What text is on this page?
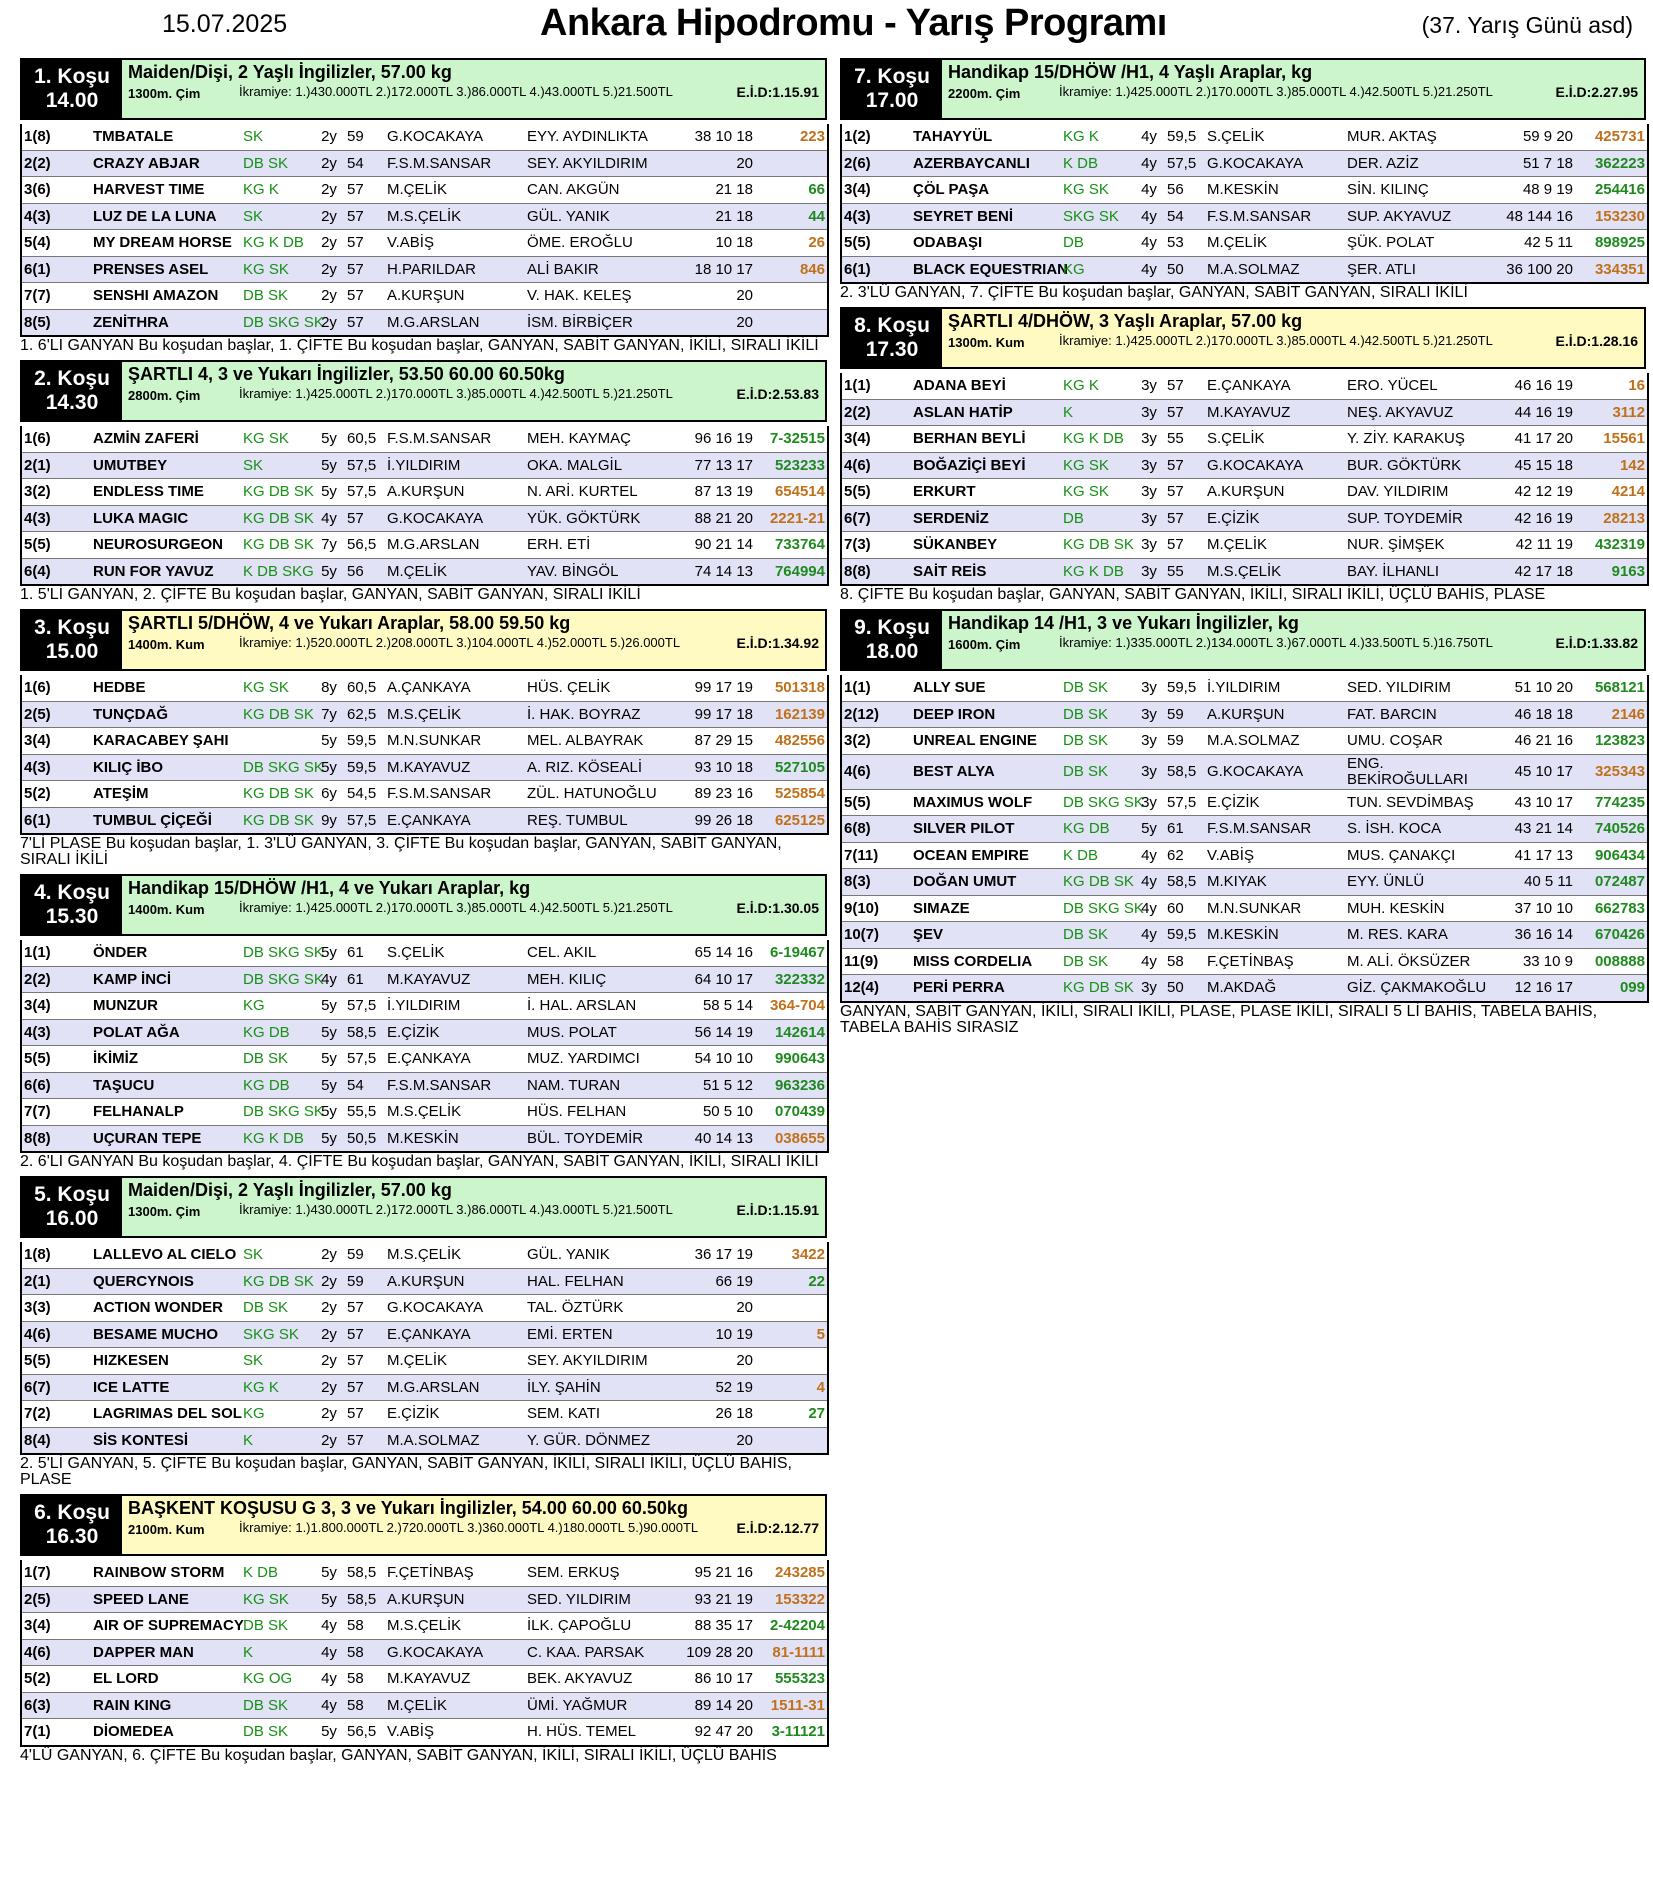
15.07.2025	Ankara Hipodromu - Yarış Programı	(37. Yarış Günü asd)
1. Koşu
14.00
Maiden/Dişi, 2 Yaşlı İngilizler, 57.00 kg
1300m. Çim	İkramiye: 1.)430.000TL 2.)172.000TL 3.)86.000TL 4.)43.000TL 5.)21.500TL	E.İ.D:1.15.91
1(8)	TMBATALE	SK	2y	59	G.KOCAKAYA	EYY. AYDINLIKTA	38 10 18	223
2(2)	CRAZY ABJAR	DB SK	2y	54	F.S.M.SANSAR	SEY. AKYILDIRIM	20	
3(6)	HARVEST TIME	KG K	2y	57	M.ÇELİK	CAN. AKGÜN	21 18	66
4(3)	LUZ DE LA LUNA	SK	2y	57	M.S.ÇELİK	GÜL. YANIK	21 18	44
5(4)	MY DREAM HORSE	KG K DB	2y	57	V.ABİŞ	ÖME. EROĞLU	10 18	26
6(1)	PRENSES ASEL	KG SK	2y	57	H.PARILDAR	ALİ BAKIR	18 10 17	846
7(7)	SENSHI AMAZON	DB SK	2y	57	A.KURŞUN	V. HAK. KELEŞ	20	
8(5)	ZENİTHRA	DB SKG SK	2y	57	M.G.ARSLAN	İSM. BİRBİÇER	20	
1. 6'LI GANYAN Bu koşudan başlar, 1. ÇİFTE Bu koşudan başlar, GANYAN, SABİT GANYAN, İKİLİ, SIRALI İKİLİ
2. Koşu
14.30
ŞARTLI 4, 3 ve Yukarı İngilizler, 53.50 60.00 60.50kg
2800m. Çim	İkramiye: 1.)425.000TL 2.)170.000TL 3.)85.000TL 4.)42.500TL 5.)21.250TL	E.İ.D:2.53.83
1(6)	AZMİN ZAFERİ	KG SK	5y	60,5	F.S.M.SANSAR	MEH. KAYMAÇ	96 16 19	7-32515
2(1)	UMUTBEY	SK	5y	57,5	İ.YILDIRIM	OKA. MALGİL	77 13 17	523233
3(2)	ENDLESS TIME	KG DB SK	5y	57,5	A.KURŞUN	N. ARİ. KURTEL	87 13 19	654514
4(3)	LUKA MAGIC	KG DB SK	4y	57	G.KOCAKAYA	YÜK. GÖKTÜRK	88 21 20	2221-21
5(5)	NEUROSURGEON	KG DB SK	7y	56,5	M.G.ARSLAN	ERH. ETİ	90 21 14	733764
6(4)	RUN FOR YAVUZ	K DB SKG	5y	56	M.ÇELİK	YAV. BİNGÖL	74 14 13	764994
1. 5'Lİ GANYAN, 2. ÇİFTE Bu koşudan başlar, GANYAN, SABİT GANYAN, SIRALI İKİLİ
3. Koşu
15.00
ŞARTLI 5/DHÖW, 4 ve Yukarı Araplar, 58.00 59.50 kg
1400m. Kum	İkramiye: 1.)520.000TL 2.)208.000TL 3.)104.000TL 4.)52.000TL 5.)26.000TL	E.İ.D:1.34.92
1(6)	HEDBE	KG SK	8y	60,5	A.ÇANKAYA	HÜS. ÇELİK	99 17 19	501318
2(5)	TUNÇDAĞ	KG DB SK	7y	62,5	M.S.ÇELİK	İ. HAK. BOYRAZ	99 17 18	162139
3(4)	KARACABEY ŞAHI		5y	59,5	M.N.SUNKAR	MEL. ALBAYRAK	87 29 15	482556
4(3)	KILIÇ İBO	DB SKG SK	5y	59,5	M.KAYAVUZ	A. RIZ. KÖSEALİ	93 10 18	527105
5(2)	ATEŞİM	KG DB SK	6y	54,5	F.S.M.SANSAR	ZÜL. HATUNOĞLU	89 23 16	525854
6(1)	TUMBUL ÇİÇEĞİ	KG DB SK	9y	57,5	E.ÇANKAYA	REŞ. TUMBUL	99 26 18	625125
7'Lİ PLASE Bu koşudan başlar, 1. 3'LÜ GANYAN, 3. ÇİFTE Bu koşudan başlar, GANYAN, SABİT GANYAN, SIRALI İKİLİ
4. Koşu
15.30
Handikap 15/DHÖW /H1, 4 ve Yukarı Araplar, kg
1400m. Kum	İkramiye: 1.)425.000TL 2.)170.000TL 3.)85.000TL 4.)42.500TL 5.)21.250TL	E.İ.D:1.30.05
1(1)	ÖNDER	DB SKG SK	5y	61	S.ÇELİK	CEL. AKIL	65 14 16	6-19467
2(2)	KAMP İNCİ	DB SKG SK	4y	61	M.KAYAVUZ	MEH. KILIÇ	64 10 17	322332
3(4)	MUNZUR	KG	5y	57,5	İ.YILDIRIM	İ. HAL. ARSLAN	58 5 14	364-704
4(3)	POLAT AĞA	KG DB	5y	58,5	E.ÇİZİK	MUS. POLAT	56 14 19	142614
5(5)	İKİMİZ	DB SK	5y	57,5	E.ÇANKAYA	MUZ. YARDIMCI	54 10 10	990643
6(6)	TAŞUCU	KG DB	5y	54	F.S.M.SANSAR	NAM. TURAN	51 5 12	963236
7(7)	FELHANALP	DB SKG SK	5y	55,5	M.S.ÇELİK	HÜS. FELHAN	50 5 10	070439
8(8)	UÇURAN TEPE	KG K DB	5y	50,5	M.KESKİN	BÜL. TOYDEMİR	40 14 13	038655
2. 6'LI GANYAN Bu koşudan başlar, 4. ÇİFTE Bu koşudan başlar, GANYAN, SABİT GANYAN, İKİLİ, SIRALI İKİLİ
5. Koşu
16.00
Maiden/Dişi, 2 Yaşlı İngilizler, 57.00 kg
1300m. Çim	İkramiye: 1.)430.000TL 2.)172.000TL 3.)86.000TL 4.)43.000TL 5.)21.500TL	E.İ.D:1.15.91
1(8)	LALLEVO AL CIELO	SK	2y	59	M.S.ÇELİK	GÜL. YANIK	36 17 19	3422
2(1)	QUERCYNOIS	KG DB SK	2y	59	A.KURŞUN	HAL. FELHAN	66 19	22
3(3)	ACTION WONDER	DB SK	2y	57	G.KOCAKAYA	TAL. ÖZTÜRK	20	
4(6)	BESAME MUCHO	SKG SK	2y	57	E.ÇANKAYA	EMİ. ERTEN	10 19	5
5(5)	HIZKESEN	SK	2y	57	M.ÇELİK	SEY. AKYILDIRIM	20	
6(7)	ICE LATTE	KG K	2y	57	M.G.ARSLAN	İLY. ŞAHİN	52 19	4
7(2)	LAGRIMAS DEL SOL	KG	2y	57	E.ÇİZİK	SEM. KATI	26 18	27
8(4)	SİS KONTESİ	K	2y	57	M.A.SOLMAZ	Y. GÜR. DÖNMEZ	20	
2. 5'Lİ GANYAN, 5. ÇİFTE Bu koşudan başlar, GANYAN, SABİT GANYAN, İKİLİ, SIRALI İKİLİ, ÜÇLÜ BAHİS, PLASE
6. Koşu
16.30
BAŞKENT KOŞUSU G 3, 3 ve Yukarı İngilizler, 54.00 60.00 60.50kg
2100m. Kum	İkramiye: 1.)1.800.000TL 2.)720.000TL 3.)360.000TL 4.)180.000TL 5.)90.000TL	E.İ.D:2.12.77
1(7)	RAINBOW STORM	K DB	5y	58,5	F.ÇETİNBAŞ	SEM. ERKUŞ	95 21 16	243285
2(5)	SPEED LANE	KG SK	5y	58,5	A.KURŞUN	SED. YILDIRIM	93 21 19	153322
3(4)	AIR OF SUPREMACY	DB SK	4y	58	M.S.ÇELİK	İLK. ÇAPOĞLU	88 35 17	2-42204
4(6)	DAPPER MAN	K	4y	58	G.KOCAKAYA	C. KAA. PARSAK	109 28 20	81-1111
5(2)	EL LORD	KG OG	4y	58	M.KAYAVUZ	BEK. AKYAVUZ	86 10 17	555323
6(3)	RAIN KING	DB SK	4y	58	M.ÇELİK	ÜMİ. YAĞMUR	89 14 20	1511-31
7(1)	DİOMEDEA	DB SK	5y	56,5	V.ABİŞ	H. HÜS. TEMEL	92 47 20	3-11121
4'LÜ GANYAN, 6. ÇİFTE Bu koşudan başlar, GANYAN, SABİT GANYAN, İKİLİ, SIRALI İKİLİ, ÜÇLÜ BAHİS
7. Koşu
17.00
Handikap 15/DHÖW /H1, 4 Yaşlı Araplar, kg
2200m. Çim	İkramiye: 1.)425.000TL 2.)170.000TL 3.)85.000TL 4.)42.500TL 5.)21.250TL	E.İ.D:2.27.95
1(2)	TAHAYYÜL	KG K	4y	59,5	S.ÇELİK	MUR. AKTAŞ	59 9 20	425731
2(6)	AZERBAYCANLI	K DB	4y	57,5	G.KOCAKAYA	DER. AZİZ	51 7 18	362223
3(4)	ÇÖL PAŞA	KG SK	4y	56	M.KESKİN	SİN. KILINÇ	48 9 19	254416
4(3)	SEYRET BENİ	SKG SK	4y	54	F.S.M.SANSAR	SUP. AKYAVUZ	48 144 16	153230
5(5)	ODABAŞI	DB	4y	53	M.ÇELİK	ŞÜK. POLAT	42 5 11	898925
6(1)	BLACK EQUESTRIAN	KG	4y	50	M.A.SOLMAZ	ŞER. ATLI	36 100 20	334351
2. 3'LÜ GANYAN, 7. ÇİFTE Bu koşudan başlar, GANYAN, SABİT GANYAN, SIRALI İKİLİ
8. Koşu
17.30
ŞARTLI 4/DHÖW, 3 Yaşlı Araplar, 57.00 kg
1300m. Kum	İkramiye: 1.)425.000TL 2.)170.000TL 3.)85.000TL 4.)42.500TL 5.)21.250TL	E.İ.D:1.28.16
1(1)	ADANA BEYİ	KG K	3y	57	E.ÇANKAYA	ERO. YÜCEL	46 16 19	16
2(2)	ASLAN HATİP	K	3y	57	M.KAYAVUZ	NEŞ. AKYAVUZ	44 16 19	3112
3(4)	BERHAN BEYLİ	KG K DB	3y	55	S.ÇELİK	Y. ZİY. KARAKUŞ	41 17 20	15561
4(6)	BOĞAZİÇİ BEYİ	KG SK	3y	57	G.KOCAKAYA	BUR. GÖKTÜRK	45 15 18	142
5(5)	ERKURT	KG SK	3y	57	A.KURŞUN	DAV. YILDIRIM	42 12 19	4214
6(7)	SERDENİZ	DB	3y	57	E.ÇİZİK	SUP. TOYDEMİR	42 16 19	28213
7(3)	SÜKANBEY	KG DB SK	3y	57	M.ÇELİK	NUR. ŞİMŞEK	42 11 19	432319
8(8)	SAİT REİS	KG K DB	3y	55	M.S.ÇELİK	BAY. İLHANLI	42 17 18	9163
8. ÇİFTE Bu koşudan başlar, GANYAN, SABİT GANYAN, İKİLİ, SIRALI İKİLİ, ÜÇLÜ BAHİS, PLASE
9. Koşu
18.00
Handikap 14 /H1, 3 ve Yukarı İngilizler, kg
1600m. Çim	İkramiye: 1.)335.000TL 2.)134.000TL 3.)67.000TL 4.)33.500TL 5.)16.750TL	E.İ.D:1.33.82
1(1)	ALLY SUE	DB SK	3y	59,5	İ.YILDIRIM	SED. YILDIRIM	51 10 20	568121
2(12)	DEEP IRON	DB SK	3y	59	A.KURŞUN	FAT. BARCIN	46 18 18	2146
3(2)	UNREAL ENGINE	DB SK	3y	59	M.A.SOLMAZ	UMU. COŞAR	46 21 16	123823
4(6)	BEST ALYA	DB SK	3y	58,5	G.KOCAKAYA	ENG.
BEKİROĞULLARI	45 10 17	325343
5(5)	MAXIMUS WOLF	DB SKG SK	3y	57,5	E.ÇİZİK	TUN. SEVDİMBAŞ	43 10 17	774235
6(8)	SILVER PILOT	KG DB	5y	61	F.S.M.SANSAR	S. İSH. KOCA	43 21 14	740526
7(11)	OCEAN EMPIRE	K DB	4y	62	V.ABİŞ	MUS. ÇANAKÇI	41 17 13	906434
8(3)	DOĞAN UMUT	KG DB SK	4y	58,5	M.KIYAK	EYY. ÜNLÜ	40 5 11	072487
9(10)	SIMAZE	DB SKG SK	4y	60	M.N.SUNKAR	MUH. KESKİN	37 10 10	662783
10(7)	ŞEV	DB SK	4y	59,5	M.KESKİN	M. RES. KARA	36 16 14	670426
11(9)	MISS CORDELIA	DB SK	4y	58	F.ÇETİNBAŞ	M. ALİ. ÖKSÜZER	33 10 9	008888
12(4)	PERİ PERRA	KG DB SK	3y	50	M.AKDAĞ	GİZ. ÇAKMAKOĞLU	12 16 17	099
GANYAN, SABİT GANYAN, İKİLİ, SIRALI İKİLİ, PLASE, PLASE İKİLİ, SIRALI 5 Lİ BAHİS, TABELA BAHİS, TABELA BAHİS SIRASIZ
